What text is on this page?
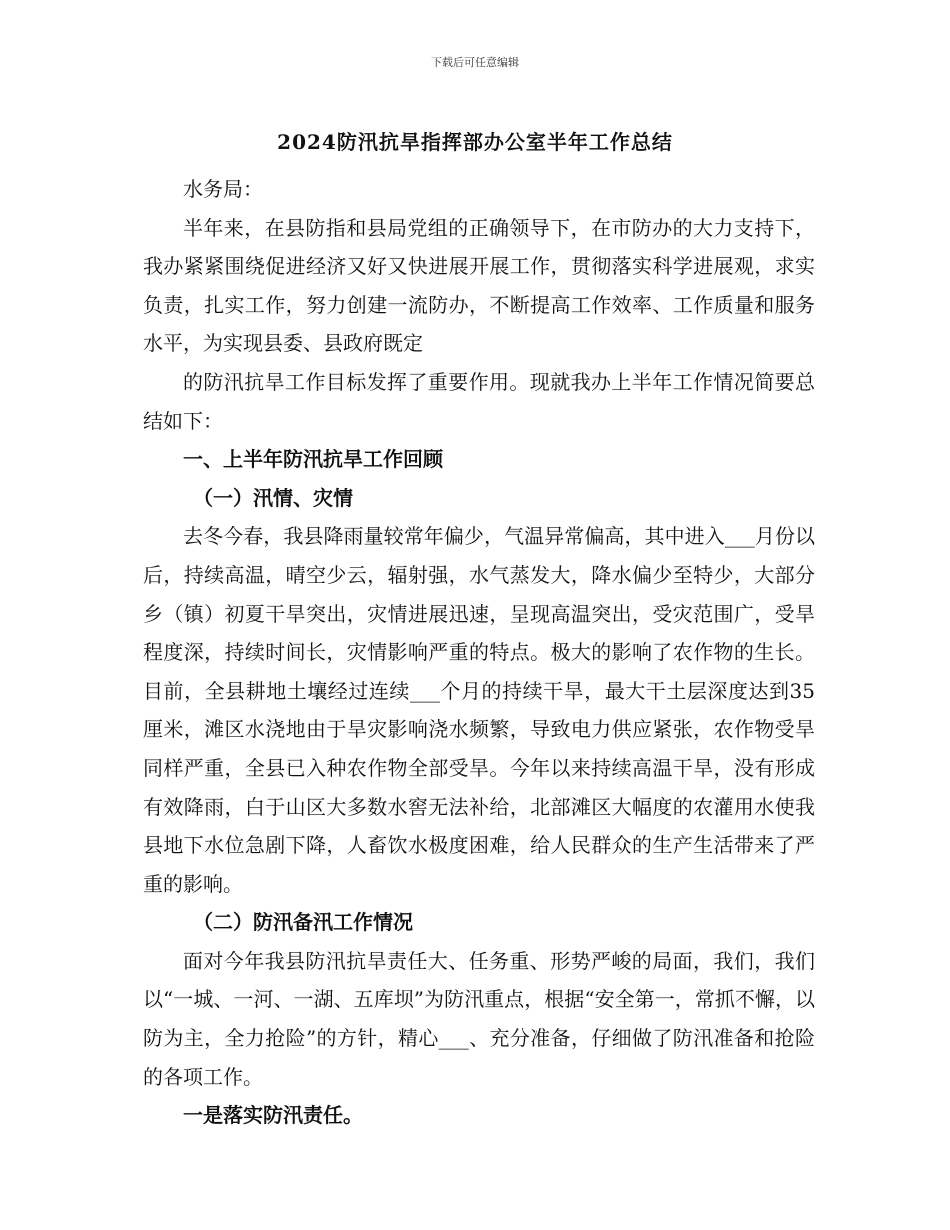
下载后可任意编辑
2024防汛抗旱指挥部办公室半年工作总结

水务局：

半年来，在县防指和县局党组的正确领导下，在市防办的大力支持下，我办紧紧围绕促进经济又好又快进展开展工作，贯彻落实科学进展观，求实负责，扎实工作，努力创建一流防办，不断提高工作效率、工作质量和服务水平，为实现县委、县政府既定

的防汛抗旱工作目标发挥了重要作用。现就我办上半年工作情况简要总结如下：

一、上半年防汛抗旱工作回顾

（一）汛情、灾情

去冬今春，我县降雨量较常年偏少，气温异常偏高，其中进入___月份以后，持续高温，晴空少云，辐射强，水气蒸发大，降水偏少至特少，大部分乡（镇）初夏干旱突出，灾情进展迅速，呈现高温突出，受灾范围广，受旱程度深，持续时间长，灾情影响严重的特点。极大的影响了农作物的生长。目前，全县耕地土壤经过连续___个月的持续干旱，最大干土层深度达到35厘米，滩区水浇地由于旱灾影响浇水频繁，导致电力供应紧张，农作物受旱同样严重，全县已入种农作物全部受旱。今年以来持续高温干旱，没有形成有效降雨，白于山区大多数水窖无法补给，北部滩区大幅度的农灌用水使我县地下水位急剧下降，人畜饮水极度困难，给人民群众的生产生活带来了严重的影响。

（二）防汛备汛工作情况

面对今年我县防汛抗旱责任大、任务重、形势严峻的局面，我们，我们以“一城、一河、一湖、五库坝”为防汛重点，根据“安全第一，常抓不懈，以防为主，全力抢险”的方针，精心___、充分准备，仔细做了防汛准备和抢险的各项工作。

一是落实防汛责任。
